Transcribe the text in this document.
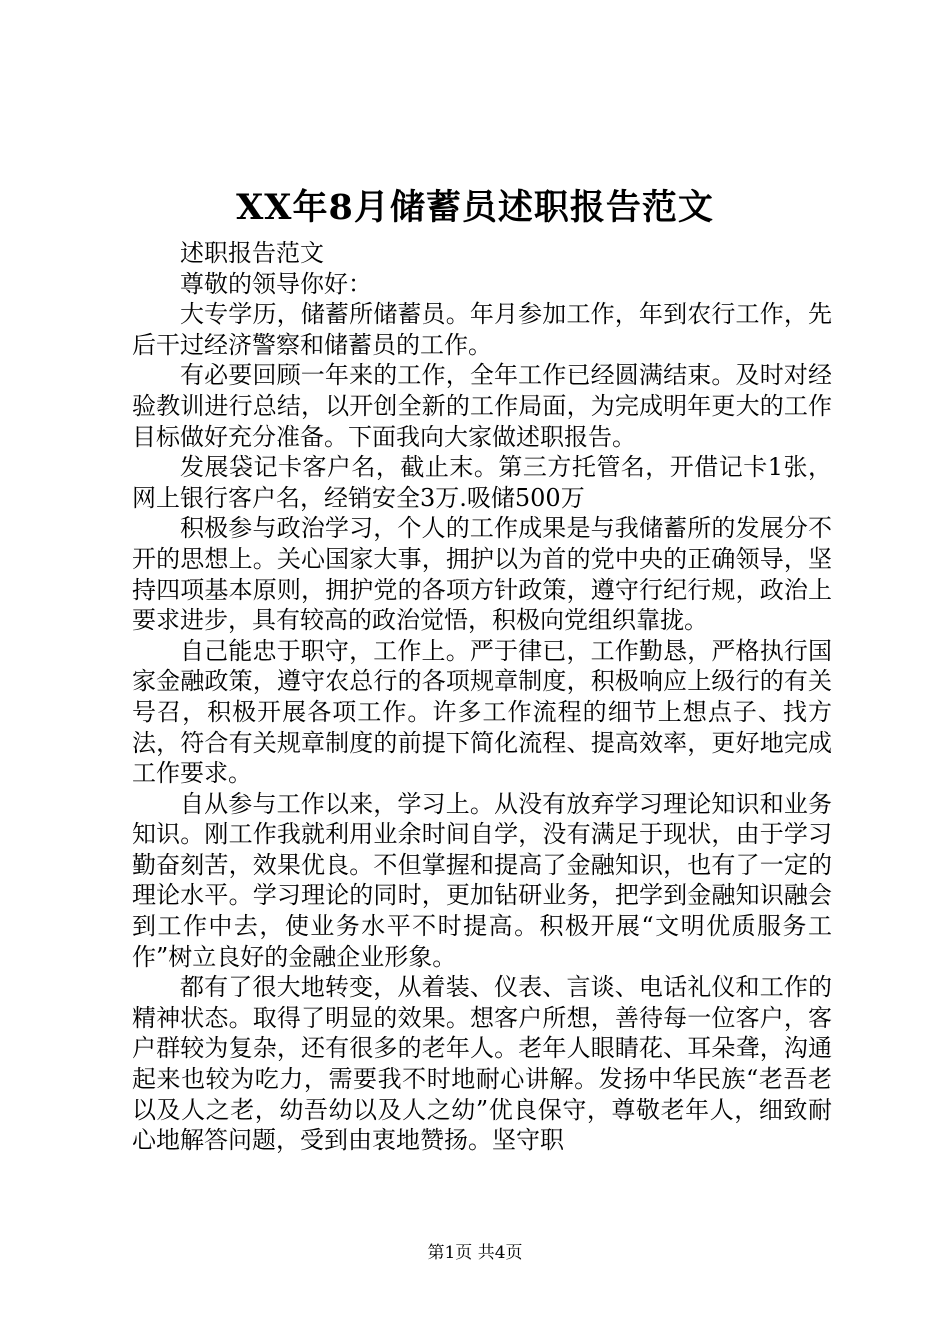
XX年8月储蓄员述职报告范文

述职报告范文

尊敬的领导你好：

大专学历，储蓄所储蓄员。年月参加工作，年到农行工作，先后干过经济警察和储蓄员的工作。

有必要回顾一年来的工作，全年工作已经圆满结束。及时对经验教训进行总结，以开创全新的工作局面，为完成明年更大的工作目标做好充分准备。下面我向大家做述职报告。

发展袋记卡客户名，截止末。第三方托管名，开借记卡1张，网上银行客户名，经销安全3万.吸储500万

积极参与政治学习，个人的工作成果是与我储蓄所的发展分不开的思想上。关心国家大事，拥护以为首的党中央的正确领导，坚持四项基本原则，拥护党的各项方针政策，遵守行纪行规，政治上要求进步，具有较高的政治觉悟，积极向党组织靠拢。

自己能忠于职守，工作上。严于律已，工作勤恳，严格执行国家金融政策，遵守农总行的各项规章制度，积极响应上级行的有关号召，积极开展各项工作。许多工作流程的细节上想点子、找方法，符合有关规章制度的前提下简化流程、提高效率，更好地完成工作要求。

自从参与工作以来，学习上。从没有放弃学习理论知识和业务知识。刚工作我就利用业余时间自学，没有满足于现状，由于学习勤奋刻苦，效果优良。不但掌握和提高了金融知识，也有了一定的理论水平。学习理论的同时，更加钻研业务，把学到金融知识融会到工作中去，使业务水平不时提高。积极开展“文明优质服务工作”树立良好的金融企业形象。

都有了很大地转变，从着装、仪表、言谈、电话礼仪和工作的精神状态。取得了明显的效果。想客户所想，善待每一位客户，客户群较为复杂，还有很多的老年人。老年人眼睛花、耳朵聋，沟通起来也较为吃力，需要我不时地耐心讲解。发扬中华民族“老吾老以及人之老，幼吾幼以及人之幼”优良保守，尊敬老年人，细致耐心地解答问题，受到由衷地赞扬。坚守职

第1页 共4页
